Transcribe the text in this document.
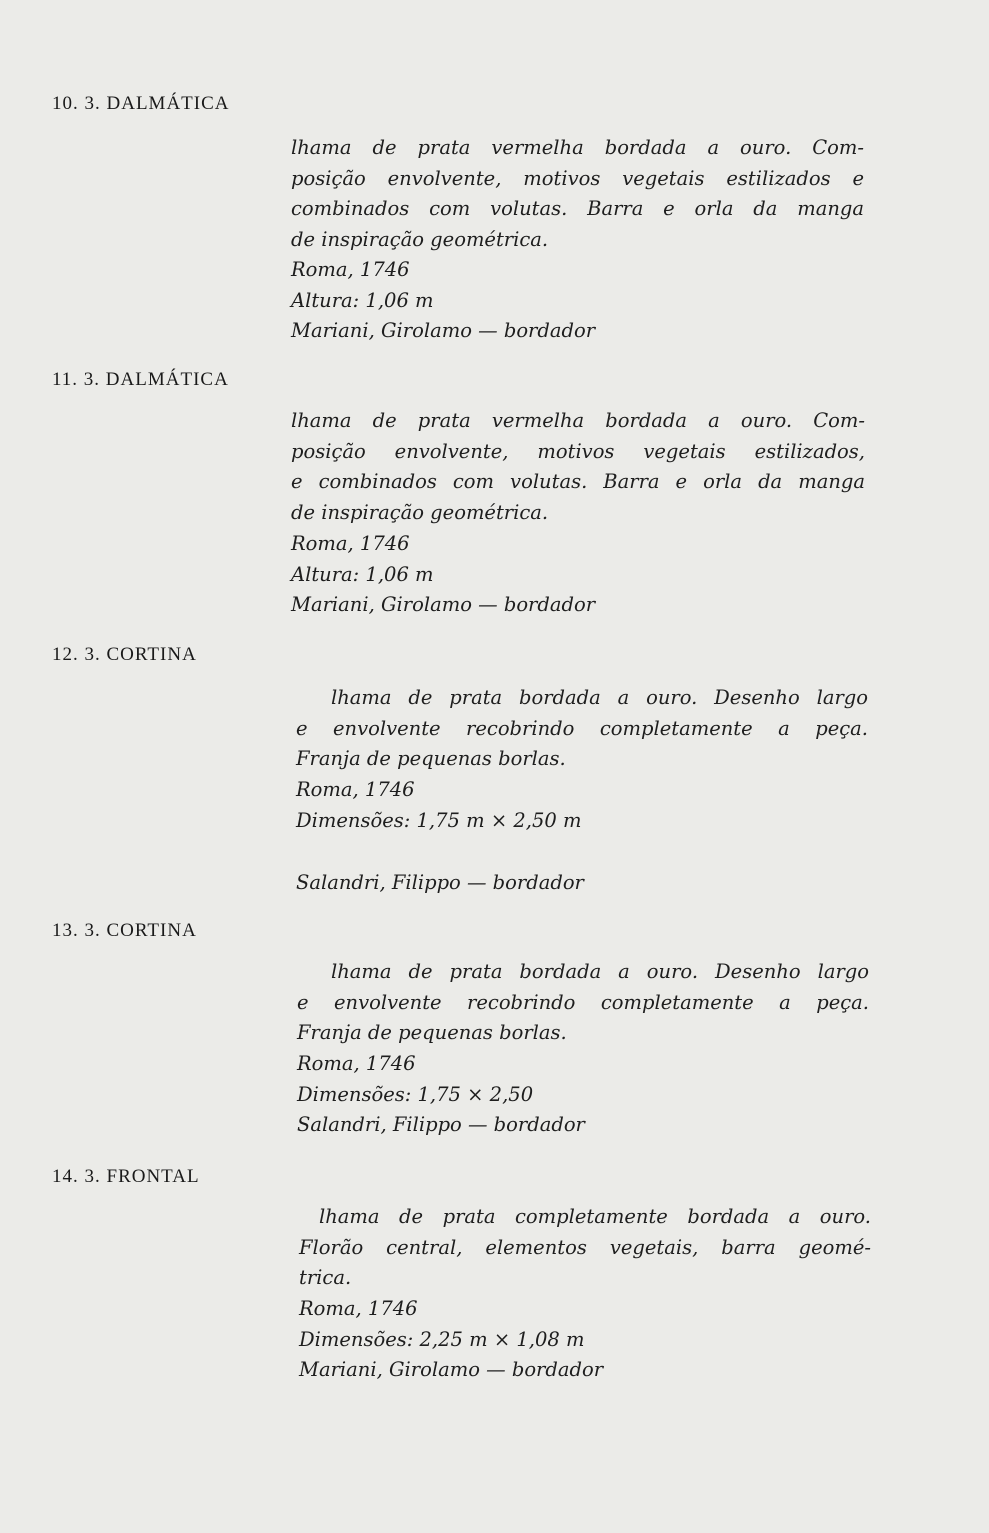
10. 3. DALMÁTICA

lhama de prata vermelha bordada a ouro. Com-

posição envolvente, motivos vegetais estilizados e

combinados com volutas. Barra e orla da manga

de inspiração geométrica.

Roma, 1746
Altura: 1,06 m
Mariani, Girolamo — bordador
11. 3. DALMÁTICA

lhama de prata vermelha bordada a ouro. Com-

posição envolvente, motivos vegetais estilizados,

e combinados com volutas. Barra e orla da manga

de inspiração geométrica.

Roma, 1746
Altura: 1,06 m
Mariani, Girolamo — bordador
12. 3. CORTINA

lhama de prata bordada a ouro. Desenho largo

e envolvente recobrindo completamente a peça.

Franja de pequenas borlas.

Roma, 1746
Dimensões: 1,75 m × 2,50 m
Salandri, Filippo — bordador
13. 3. CORTINA

lhama de prata bordada a ouro. Desenho largo

e envolvente recobrindo completamente a peça.

Franja de pequenas borlas.

Roma, 1746
Dimensões: 1,75 × 2,50
Salandri, Filippo — bordador
14. 3. FRONTAL

lhama de prata completamente bordada a ouro.

Florão central, elementos vegetais, barra geomé-

trica.

Roma, 1746
Dimensões: 2,25 m × 1,08 m
Mariani, Girolamo — bordador
